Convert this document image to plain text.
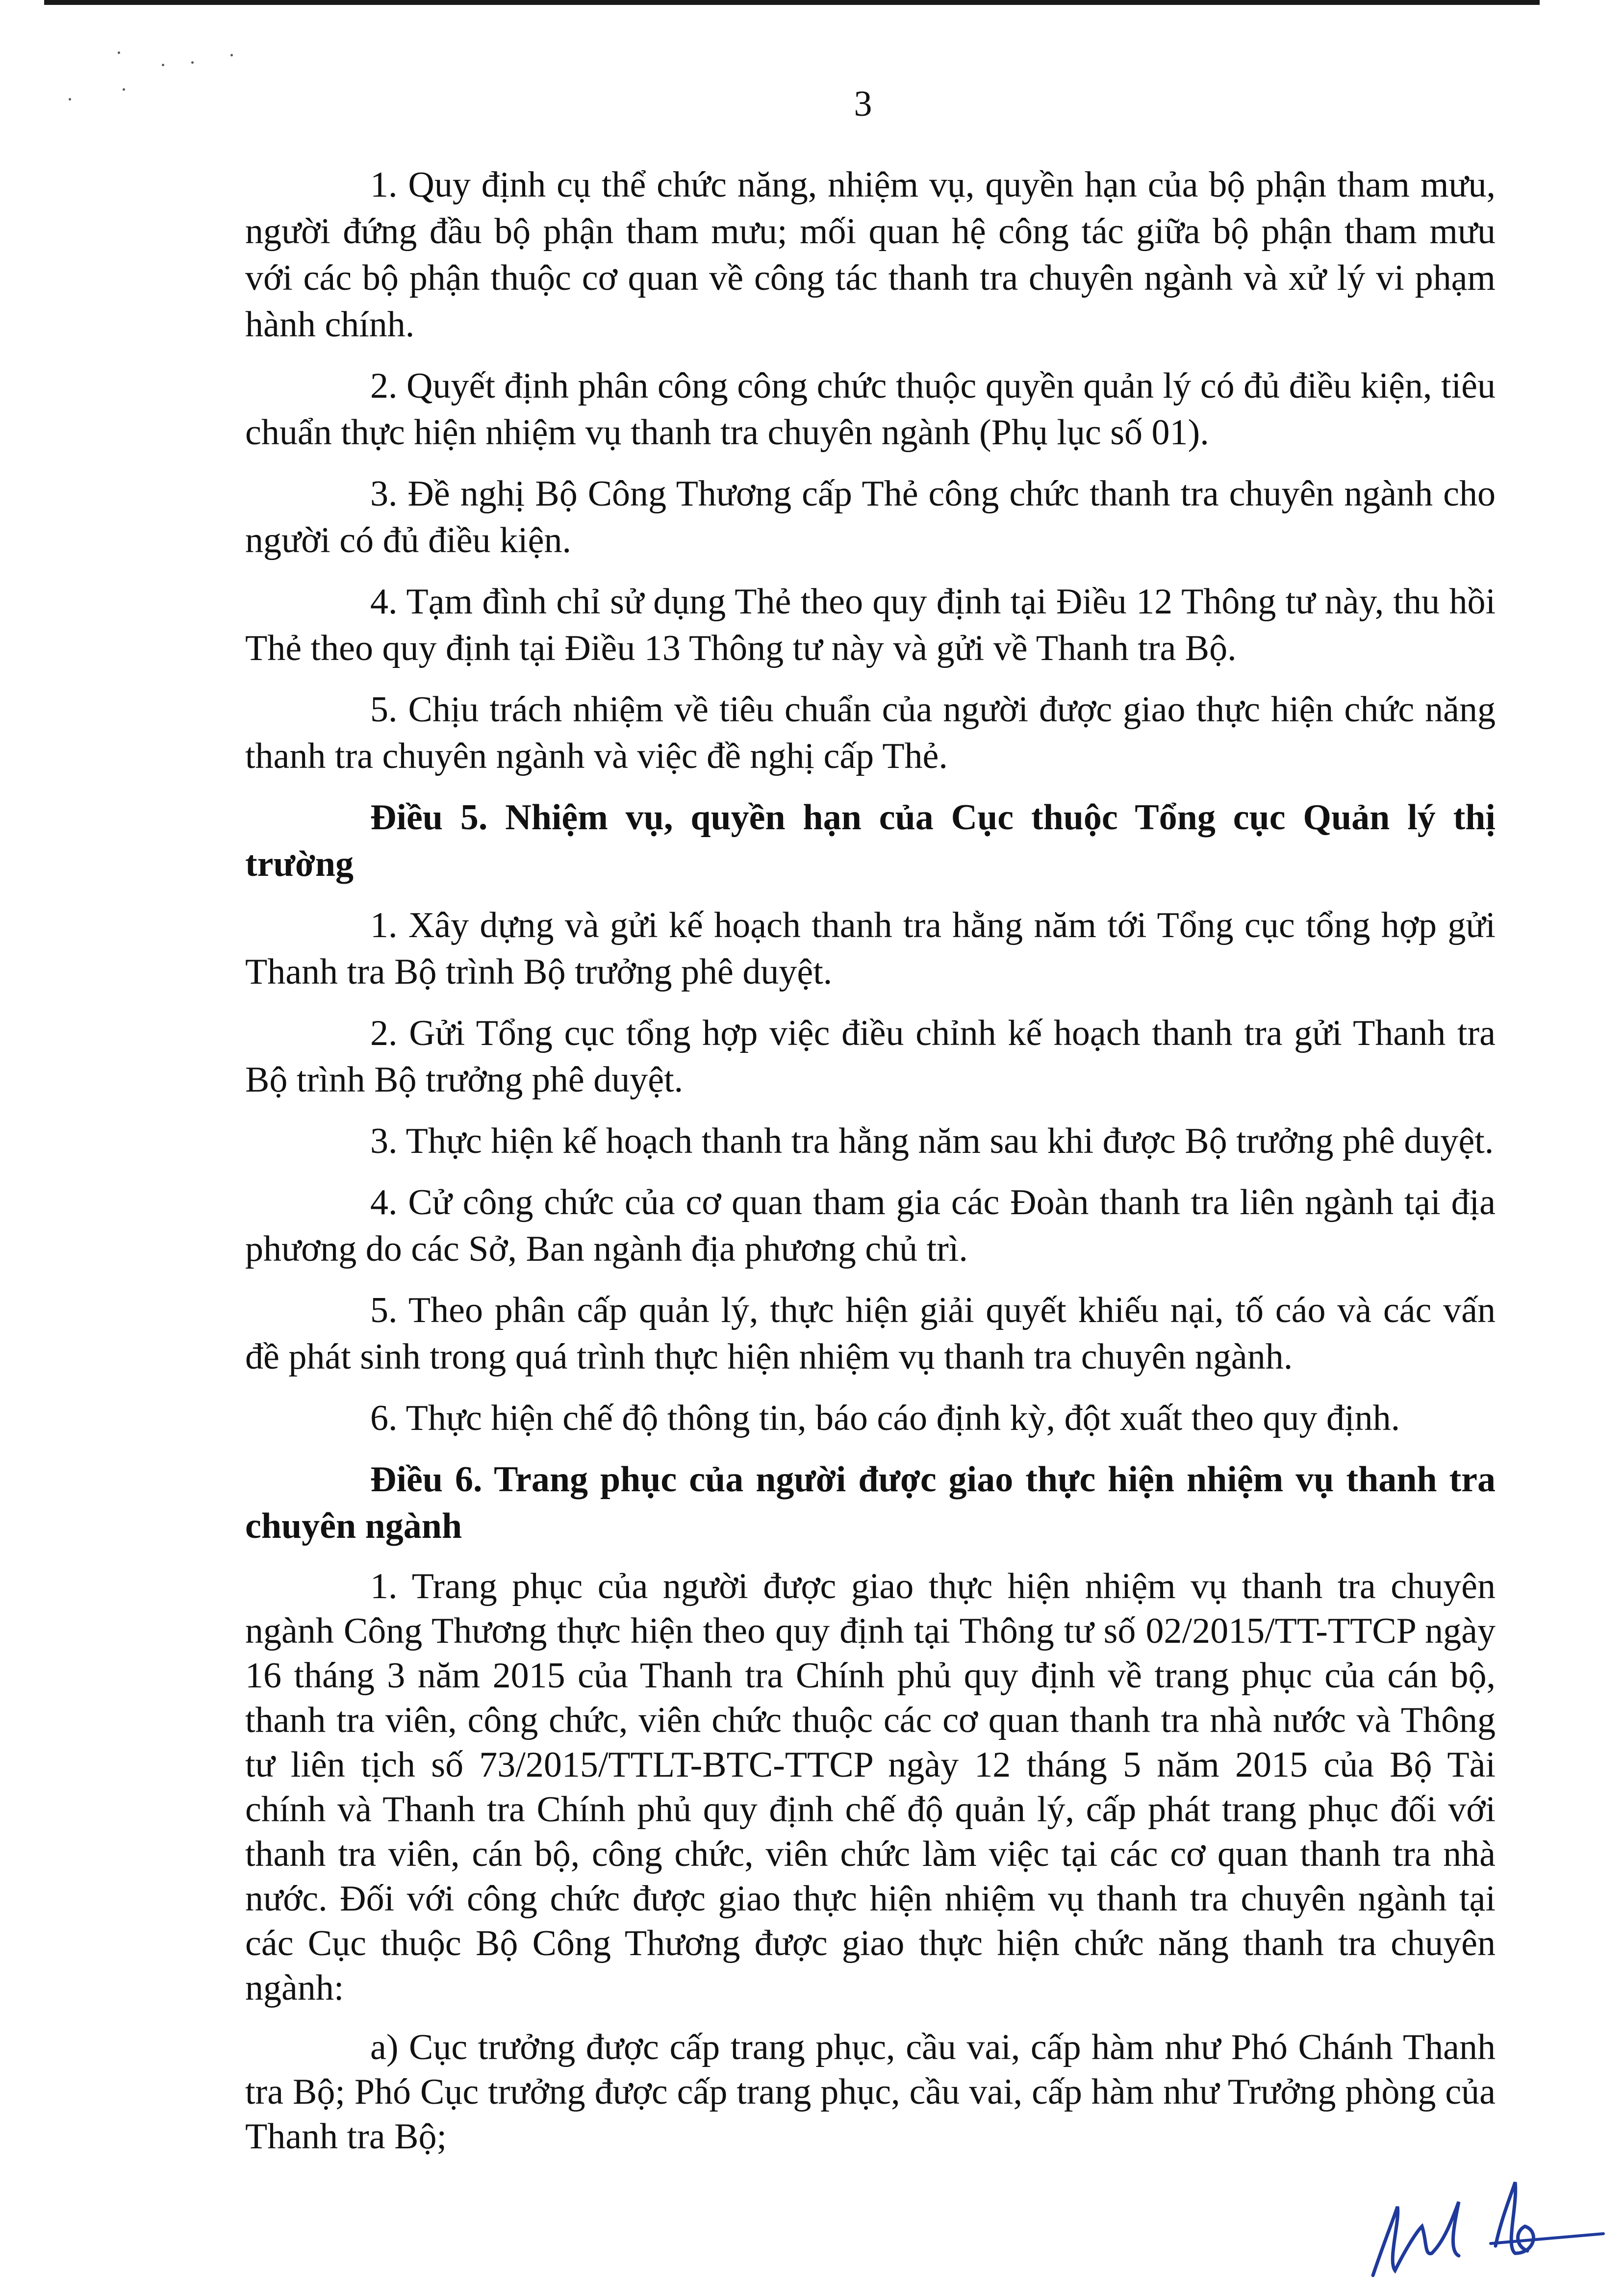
3

1. Quy định cụ thể chức năng, nhiệm vụ, quyền hạn của bộ phận tham mưu, người đứng đầu bộ phận tham mưu; mối quan hệ công tác giữa bộ phận tham mưu với các bộ phận thuộc cơ quan về công tác thanh tra chuyên ngành và xử lý vi phạm hành chính.

2. Quyết định phân công công chức thuộc quyền quản lý có đủ điều kiện, tiêu chuẩn thực hiện nhiệm vụ thanh tra chuyên ngành (Phụ lục số 01).

3. Đề nghị Bộ Công Thương cấp Thẻ công chức thanh tra chuyên ngành cho người có đủ điều kiện.

4. Tạm đình chỉ sử dụng Thẻ theo quy định tại Điều 12 Thông tư này, thu hồi Thẻ theo quy định tại Điều 13 Thông tư này và gửi về Thanh tra Bộ.

5. Chịu trách nhiệm về tiêu chuẩn của người được giao thực hiện chức năng thanh tra chuyên ngành và việc đề nghị cấp Thẻ.

Điều 5. Nhiệm vụ, quyền hạn của Cục thuộc Tổng cục Quản lý thị trường

1. Xây dựng và gửi kế hoạch thanh tra hằng năm tới Tổng cục tổng hợp gửi Thanh tra Bộ trình Bộ trưởng phê duyệt.

2. Gửi Tổng cục tổng hợp việc điều chỉnh kế hoạch thanh tra gửi Thanh tra Bộ trình Bộ trưởng phê duyệt.

3. Thực hiện kế hoạch thanh tra hằng năm sau khi được Bộ trưởng phê duyệt.

4. Cử công chức của cơ quan tham gia các Đoàn thanh tra liên ngành tại địa phương do các Sở, Ban ngành địa phương chủ trì.

5. Theo phân cấp quản lý, thực hiện giải quyết khiếu nại, tố cáo và các vấn đề phát sinh trong quá trình thực hiện nhiệm vụ thanh tra chuyên ngành.

6. Thực hiện chế độ thông tin, báo cáo định kỳ, đột xuất theo quy định.

Điều 6. Trang phục của người được giao thực hiện nhiệm vụ thanh tra chuyên ngành

1. Trang phục của người được giao thực hiện nhiệm vụ thanh tra chuyên ngành Công Thương thực hiện theo quy định tại Thông tư số 02/2015/TT-TTCP ngày 16 tháng 3 năm 2015 của Thanh tra Chính phủ quy định về trang phục của cán bộ, thanh tra viên, công chức, viên chức thuộc các cơ quan thanh tra nhà nước và Thông tư liên tịch số 73/2015/TTLT-BTC-TTCP ngày 12 tháng 5 năm 2015 của Bộ Tài chính và Thanh tra Chính phủ quy định chế độ quản lý, cấp phát trang phục đối với thanh tra viên, cán bộ, công chức, viên chức làm việc tại các cơ quan thanh tra nhà nước. Đối với công chức được giao thực hiện nhiệm vụ thanh tra chuyên ngành tại các Cục thuộc Bộ Công Thương được giao thực hiện chức năng thanh tra chuyên ngành:

a) Cục trưởng được cấp trang phục, cầu vai, cấp hàm như Phó Chánh Thanh tra Bộ; Phó Cục trưởng được cấp trang phục, cầu vai, cấp hàm như Trưởng phòng của Thanh tra Bộ;
